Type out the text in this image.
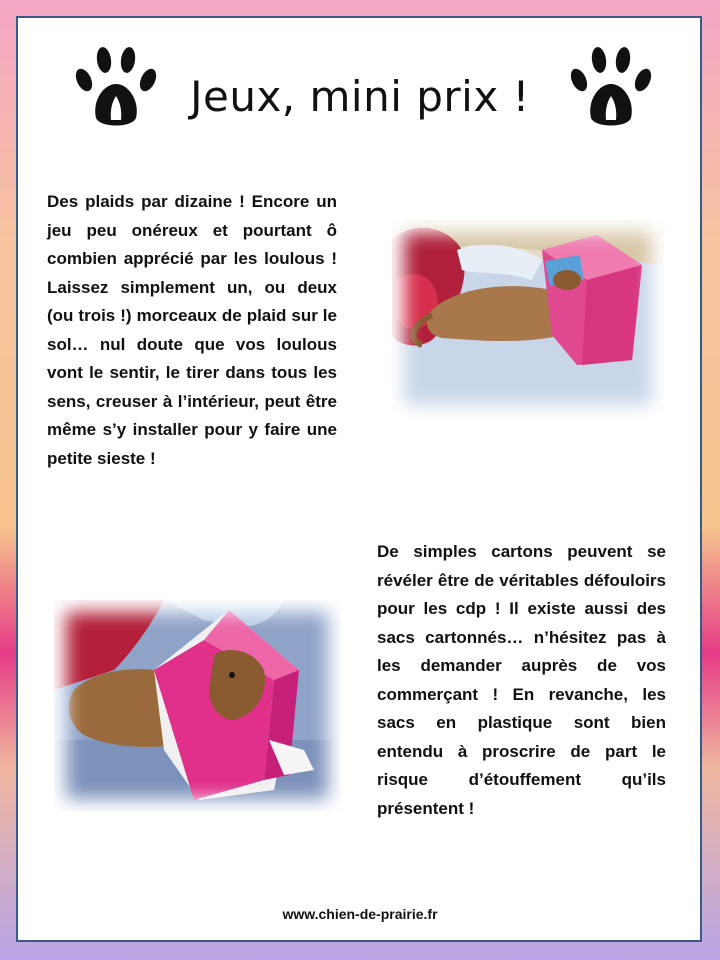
Jeux, mini prix !
Des plaids par dizaine ! Encore un jeu peu onéreux et pourtant ô combien apprécié par les loulous ! Laissez simplement un, ou deux (ou trois !) morceaux de plaid sur le sol… nul doute que vos loulous vont le sentir, le tirer dans tous les sens, creuser à l’intérieur, peut être même s’y installer pour y faire une petite sieste !
De simples cartons peuvent se révéler être de véritables défouloirs pour les cdp ! Il existe aussi des sacs cartonnés… n’hésitez pas à les demander auprès de vos commerçant ! En revanche, les sacs en plastique sont bien entendu à proscrire de part le risque d’étouffement qu’ils présentent !
www.chien-de-prairie.fr
